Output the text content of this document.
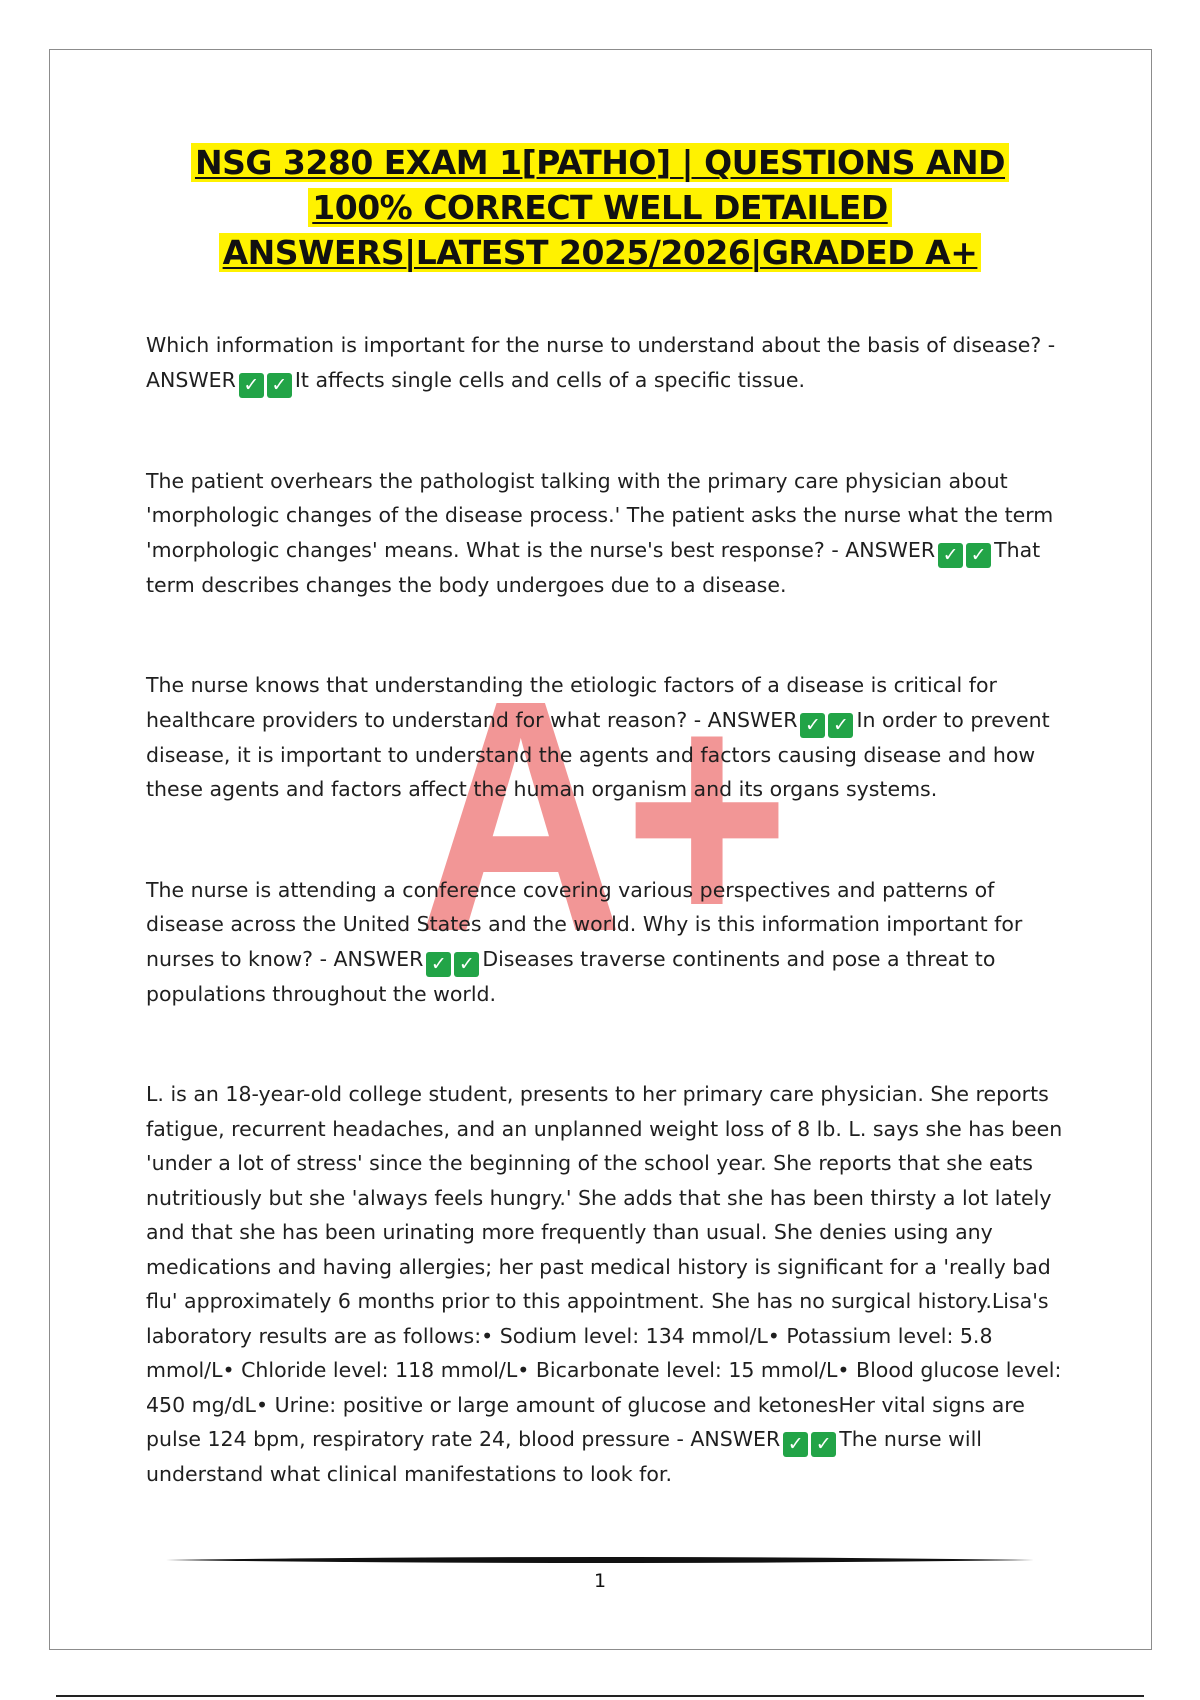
NSG 3280 EXAM 1[PATHO] | QUESTIONS AND
100% CORRECT WELL DETAILED
ANSWERS|LATEST 2025/2026|GRADED A+
A+

Which information is important for the nurse to understand about the basis of disease? - ANSWER ✓ ✓ It affects single cells and cells of a specific tissue.

The patient overhears the pathologist talking with the primary care physician about 'morphologic changes of the disease process.' The patient asks the nurse what the term 'morphologic changes' means. What is the nurse's best response? - ANSWER ✓ ✓ That term describes changes the body undergoes due to a disease.

The nurse knows that understanding the etiologic factors of a disease is critical for healthcare providers to understand for what reason? - ANSWER ✓ ✓ In order to prevent disease, it is important to understand the agents and factors causing disease and how these agents and factors affect the human organism and its organs systems.

The nurse is attending a conference covering various perspectives and patterns of disease across the United States and the world. Why is this information important for nurses to know? - ANSWER ✓ ✓ Diseases traverse continents and pose a threat to populations throughout the world.

L. is an 18-year-old college student, presents to her primary care physician. She reports fatigue, recurrent headaches, and an unplanned weight loss of 8 lb. L. says she has been 'under a lot of stress' since the beginning of the school year. She reports that she eats nutritiously but she 'always feels hungry.' She adds that she has been thirsty a lot lately and that she has been urinating more frequently than usual. She denies using any medications and having allergies; her past medical history is significant for a 'really bad flu' approximately 6 months prior to this appointment. She has no surgical history.Lisa's laboratory results are as follows:• Sodium level: 134 mmol/L• Potassium level: 5.8 mmol/L• Chloride level: 118 mmol/L• Bicarbonate level: 15 mmol/L• Blood glucose level: 450 mg/dL• Urine: positive or large amount of glucose and ketonesHer vital signs are pulse 124 bpm, respiratory rate 24, blood pressure - ANSWER ✓ ✓ The nurse will understand what clinical manifestations to look for.

1
